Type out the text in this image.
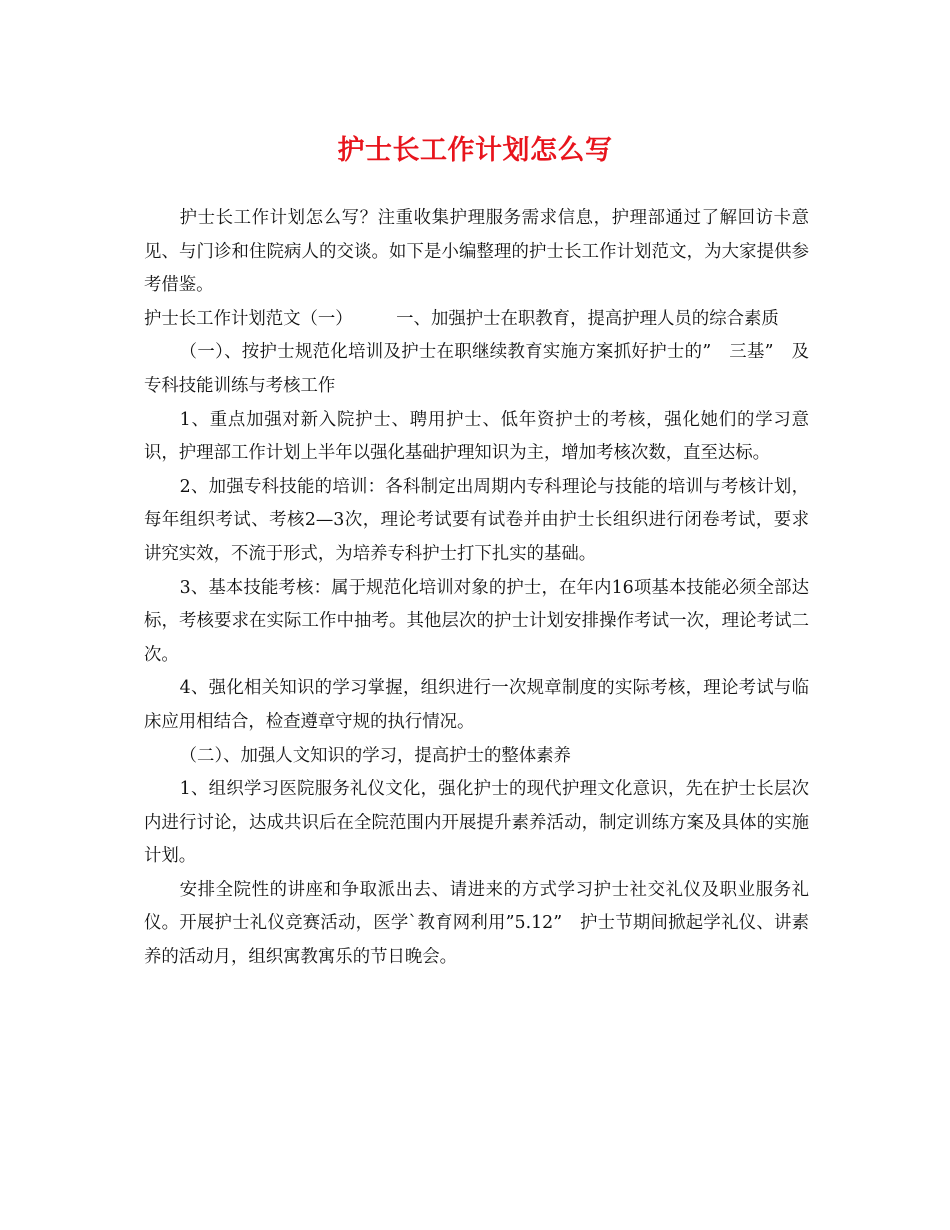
护士长工作计划怎么写

护士长工作计划怎么写？注重收集护理服务需求信息，护理部通过了解回访卡意见、与门诊和住院病人的交谈。如下是小编整理的护士长工作计划范文，为大家提供参考借鉴。

护士长工作计划范文（一）　　　一、加强护士在职教育，提高护理人员的综合素质

（一）、按护士规范化培训及护士在职继续教育实施方案抓好护士的”　三基”　及专科技能训练与考核工作

1、重点加强对新入院护士、聘用护士、低年资护士的考核，强化她们的学习意识，护理部工作计划上半年以强化基础护理知识为主，增加考核次数，直至达标。

2、加强专科技能的培训：各科制定出周期内专科理论与技能的培训与考核计划，每年组织考试、考核2—3次，理论考试要有试卷并由护士长组织进行闭卷考试，要求讲究实效，不流于形式，为培养专科护士打下扎实的基础。

3、基本技能考核：属于规范化培训对象的护士，在年内16项基本技能必须全部达标，考核要求在实际工作中抽考。其他层次的护士计划安排操作考试一次，理论考试二次。

4、强化相关知识的学习掌握，组织进行一次规章制度的实际考核，理论考试与临床应用相结合，检查遵章守规的执行情况。

（二）、加强人文知识的学习，提高护士的整体素养

1、组织学习医院服务礼仪文化，强化护士的现代护理文化意识，先在护士长层次内进行讨论，达成共识后在全院范围内开展提升素养活动，制定训练方案及具体的实施计划。

安排全院性的讲座和争取派出去、请进来的方式学习护士社交礼仪及职业服务礼仪。开展护士礼仪竞赛活动，医学`教育网利用”5.12”　护士节期间掀起学礼仪、讲素养的活动月，组织寓教寓乐的节日晚会。
